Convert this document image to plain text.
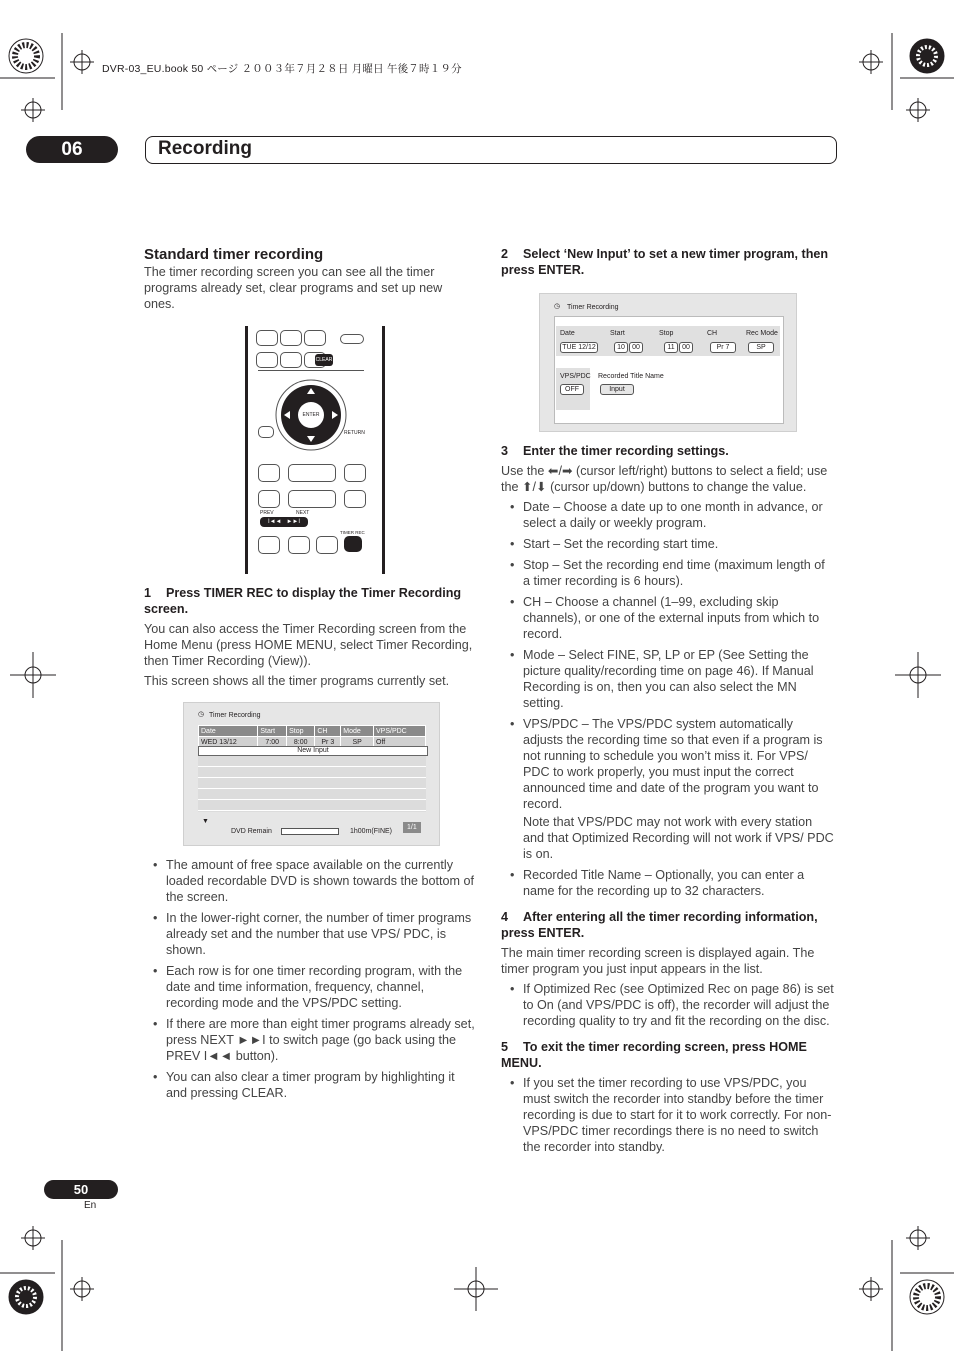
DVR-03_EU.book 50 ページ ２００３年７月２８日 月曜日 午後７時１９分
06	Recording
Standard timer recording

The timer recording screen you can see all the timer programs already set, clear programs and set up new ones.

CLEAR
ENTER
RETURN
PREV	NEXT
I◄◄   ►►I
TIMER REC

1 Press TIMER REC to display the Timer Recording screen.

You can also access the Timer Recording screen from the Home Menu (press HOME MENU, select Timer Recording, then Timer Recording (View)).

This screen shows all the timer programs currently set.

◷ Timer Recording
Date	Start	Stop	CH	Mode	VPS/PDC
WED 13/12	7:00	8:00	Pr 3	SP	Off
New Input
▼
DVD Remain	1h00m(FINE)
1/1
• The amount of free space available on the currently loaded recordable DVD is shown towards the bottom of the screen.
• In the lower-right corner, the number of timer programs already set and the number that use VPS/ PDC, is shown.
• Each row is for one timer recording program, with the date and time information, frequency, channel, recording mode and the VPS/PDC setting.
• If there are more than eight timer programs already set, press NEXT ►►I to switch page (go back using the PREV I◄◄ button).
• You can also clear a timer program by highlighting it and pressing CLEAR.

2 Select ‘New Input’ to set a new timer program, then press ENTER.

◷ Timer Recording
Date
TUE 12/12
Start
10	00
Stop
11	00
CH
Pr 7
Rec Mode
SP
VPS/PDC
OFF
Recorded Title Name
Input

3 Enter the timer recording settings.

Use the ⬅/➡ (cursor left/right) buttons to select a field; use the ⬆/⬇ (cursor up/down) buttons to change the value.

• Date – Choose a date up to one month in advance, or select a daily or weekly program.
• Start – Set the recording start time.
• Stop – Set the recording end time (maximum length of a timer recording is 6 hours).
• CH – Choose a channel (1–99, excluding skip channels), or one of the external inputs from which to record.
• Mode – Select FINE, SP, LP or EP (See Setting the picture quality/recording time on page 46). If Manual Recording is on, then you can also select the MN setting.
• VPS/PDC – The VPS/PDC system automatically adjusts the recording time so that even if a program is not running to schedule you won’t miss it. For VPS/ PDC to work properly, you must input the correct announced time and date of the program you want to record.

Note that VPS/PDC may not work with every station and that Optimized Recording will not work if VPS/ PDC is on.

• Recorded Title Name – Optionally, you can enter a name for the recording up to 32 characters.

4 After entering all the timer recording information, press ENTER.

The main timer recording screen is displayed again. The timer program you just input appears in the list.

• If Optimized Rec (see Optimized Rec on page 86) is set to On (and VPS/PDC is off), the recorder will adjust the recording quality to try and fit the recording on the disc.

5 To exit the timer recording screen, press HOME MENU.

• If you set the timer recording to use VPS/PDC, you must switch the recorder into standby before the timer recording is due to start for it to work correctly. For non-VPS/PDC timer recordings there is no need to switch the recorder into standby.
50
En
